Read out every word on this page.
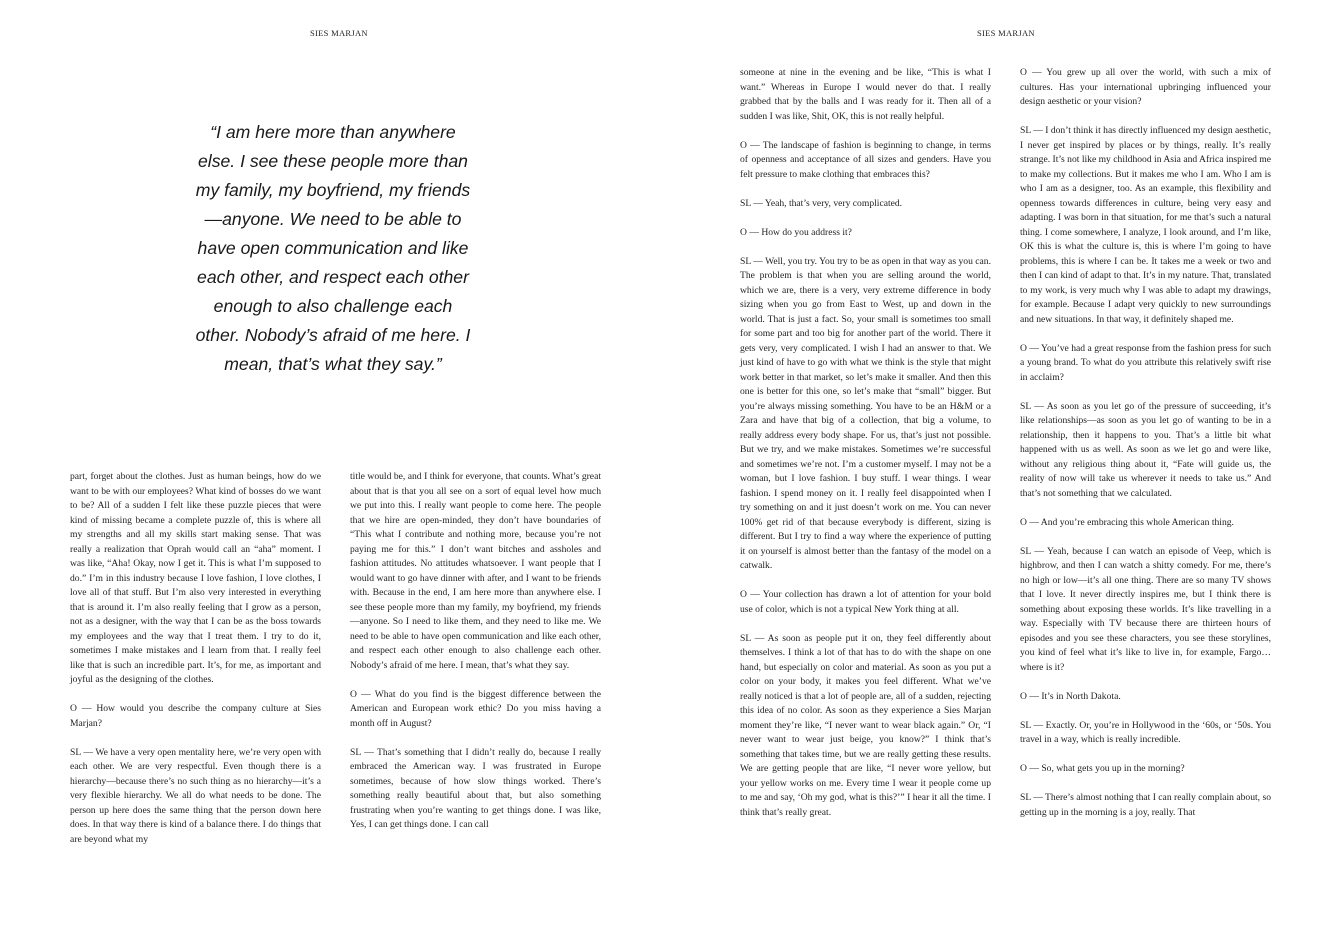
SIES MARJAN

“I am here more than anywhere else. I see these people more than my family, my boyfriend, my friends—anyone. We need to be able to have open communication and like each other, and respect each other enough to also challenge each other. Nobody’s afraid of me here. I mean, that’s what they say.”

part, forget about the clothes. Just as human beings, how do we want to be with our employees? What kind of bosses do we want to be? All of a sudden I felt like these puzzle pieces that were kind of missing became a complete puzzle of, this is where all my strengths and all my skills start making sense. That was really a realization that Oprah would call an “aha” moment. I was like, “Aha! Okay, now I get it. This is what I’m supposed to do.” I’m in this industry because I love fashion, I love clothes, I love all of that stuff. But I’m also very interested in everything that is around it. I’m also really feeling that I grow as a person, not as a designer, with the way that I can be as the boss towards my employees and the way that I treat them. I try to do it, sometimes I make mistakes and I learn from that. I really feel like that is such an incredible part. It’s, for me, as important and joyful as the designing of the clothes.

O — How would you describe the company culture at Sies Marjan?

SL — We have a very open mentality here, we’re very open with each other. We are very respectful. Even though there is a hierarchy—because there’s no such thing as no hierarchy—it’s a very flexible hierarchy. We all do what needs to be done. The person up here does the same thing that the person down here does. In that way there is kind of a balance there. I do things that are beyond what my

title would be, and I think for everyone, that counts. What’s great about that is that you all see on a sort of equal level how much we put into this. I really want people to come here. The people that we hire are open-minded, they don’t have boundaries of “This what I contribute and nothing more, because you’re not paying me for this.” I don’t want bitches and assholes and fashion attitudes. No attitudes whatsoever. I want people that I would want to go have dinner with after, and I want to be friends with. Because in the end, I am here more than anywhere else. I see these people more than my family, my boyfriend, my friends—anyone. So I need to like them, and they need to like me. We need to be able to have open communication and like each other, and respect each other enough to also challenge each other. Nobody’s afraid of me here. I mean, that’s what they say.

O — What do you find is the biggest difference between the American and European work ethic? Do you miss having a month off in August?

SL — That’s something that I didn’t really do, because I really embraced the American way. I was frustrated in Europe sometimes, because of how slow things worked. There’s something really beautiful about that, but also something frustrating when you’re wanting to get things done. I was like, Yes, I can get things done. I can call

SIES MARJAN

someone at nine in the evening and be like, “This is what I want.” Whereas in Europe I would never do that. I really grabbed that by the balls and I was ready for it. Then all of a sudden I was like, Shit, OK, this is not really helpful.

O — The landscape of fashion is beginning to change, in terms of openness and acceptance of all sizes and genders. Have you felt pressure to make clothing that embraces this?

SL — Yeah, that’s very, very complicated.

O — How do you address it?

SL — Well, you try. You try to be as open in that way as you can. The problem is that when you are selling around the world, which we are, there is a very, very extreme difference in body sizing when you go from East to West, up and down in the world. That is just a fact. So, your small is sometimes too small for some part and too big for another part of the world. There it gets very, very complicated. I wish I had an answer to that. We just kind of have to go with what we think is the style that might work better in that market, so let’s make it smaller. And then this one is better for this one, so let’s make that “small” bigger. But you’re always missing something. You have to be an H&M or a Zara and have that big of a collection, that big a volume, to really address every body shape. For us, that’s just not possible. But we try, and we make mistakes. Sometimes we’re successful and sometimes we’re not. I’m a customer myself. I may not be a woman, but I love fashion. I buy stuff. I wear things. I wear fashion. I spend money on it. I really feel disappointed when I try something on and it just doesn’t work on me. You can never 100% get rid of that because everybody is different, sizing is different. But I try to find a way where the experience of putting it on yourself is almost better than the fantasy of the model on a catwalk.

O — Your collection has drawn a lot of attention for your bold use of color, which is not a typical New York thing at all.

SL — As soon as people put it on, they feel differently about themselves. I think a lot of that has to do with the shape on one hand, but especially on color and material. As soon as you put a color on your body, it makes you feel different. What we’ve really noticed is that a lot of people are, all of a sudden, rejecting this idea of no color. As soon as they experience a Sies Marjan moment they’re like, “I never want to wear black again.” Or, “I never want to wear just beige, you know?” I think that’s something that takes time, but we are really getting these results. We are getting people that are like, “I never wore yellow, but your yellow works on me. Every time I wear it people come up to me and say, ‘Oh my god, what is this?’” I hear it all the time. I think that’s really great.

O — You grew up all over the world, with such a mix of cultures. Has your international upbringing influenced your design aesthetic or your vision?

SL — I don’t think it has directly influenced my design aesthetic, I never get inspired by places or by things, really. It’s really strange. It’s not like my childhood in Asia and Africa inspired me to make my collections. But it makes me who I am. Who I am is who I am as a designer, too. As an example, this flexibility and openness towards differences in culture, being very easy and adapting. I was born in that situation, for me that’s such a natural thing. I come somewhere, I analyze, I look around, and I’m like, OK this is what the culture is, this is where I’m going to have problems, this is where I can be. It takes me a week or two and then I can kind of adapt to that. It’s in my nature. That, translated to my work, is very much why I was able to adapt my drawings, for example. Because I adapt very quickly to new surroundings and new situations. In that way, it definitely shaped me.

O — You’ve had a great response from the fashion press for such a young brand. To what do you attribute this relatively swift rise in acclaim?

SL — As soon as you let go of the pressure of succeeding, it’s like relationships—as soon as you let go of wanting to be in a relationship, then it happens to you. That’s a little bit what happened with us as well. As soon as we let go and were like, without any religious thing about it, “Fate will guide us, the reality of now will take us wherever it needs to take us.” And that’s not something that we calculated.

O — And you’re embracing this whole American thing.

SL — Yeah, because I can watch an episode of Veep, which is highbrow, and then I can watch a shitty comedy. For me, there’s no high or low—it’s all one thing. There are so many TV shows that I love. It never directly inspires me, but I think there is something about exposing these worlds. It’s like travelling in a way. Especially with TV because there are thirteen hours of episodes and you see these characters, you see these storylines, you kind of feel what it’s like to live in, for example, Fargo…where is it?

O — It’s in North Dakota.

SL — Exactly. Or, you’re in Hollywood in the ‘60s, or ‘50s. You travel in a way, which is really incredible.

O — So, what gets you up in the morning?

SL — There’s almost nothing that I can really complain about, so getting up in the morning is a joy, really. That
